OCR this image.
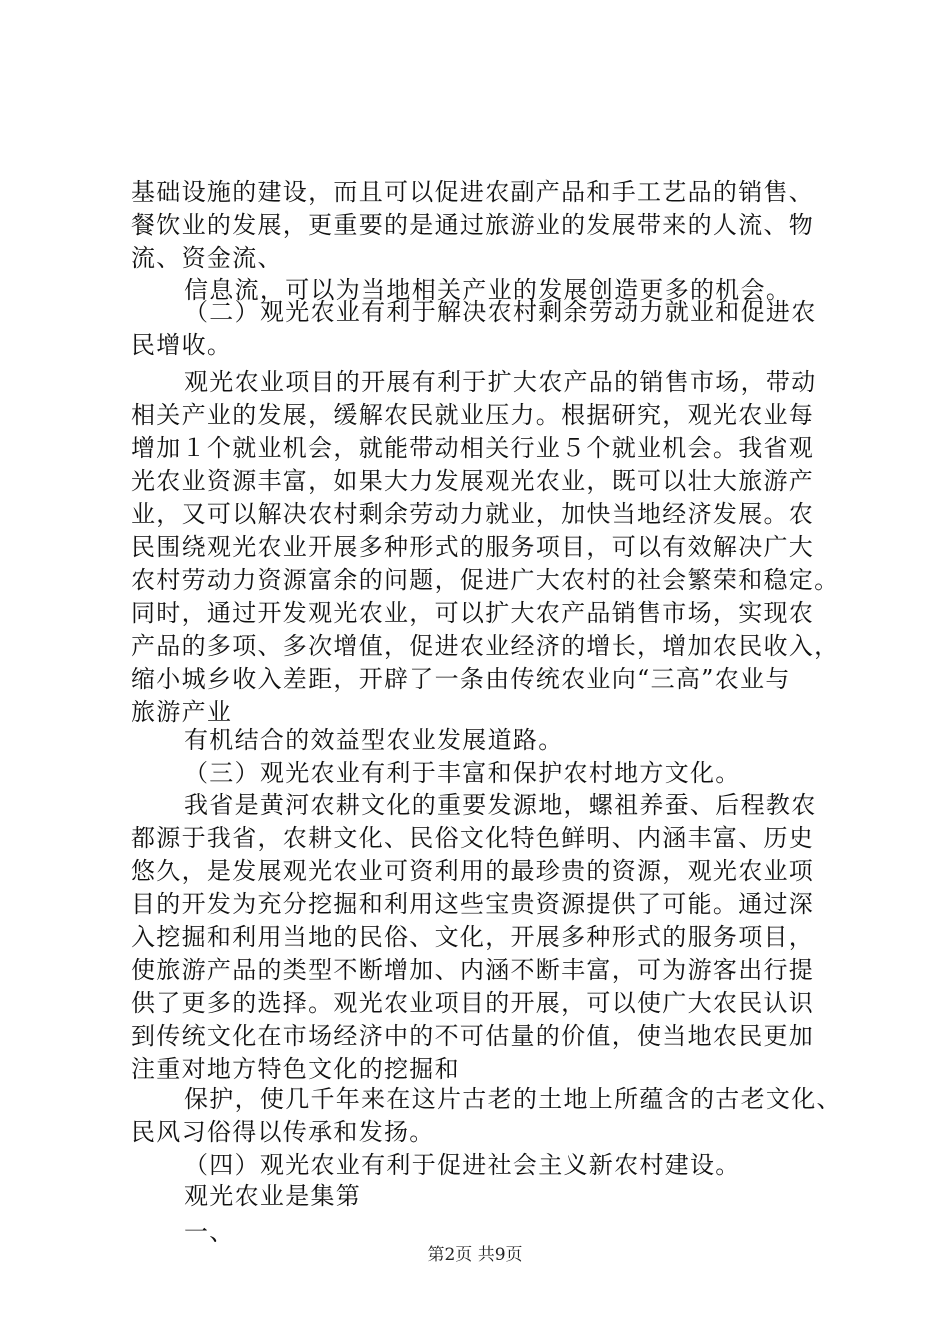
基础设施的建设，而且可以促进农副产品和手工艺品的销售、
餐饮业的发展，更重要的是通过旅游业的发展带来的人流、物
流、资金流、
信息流，可以为当地相关产业的发展创造更多的机会。
（二）观光农业有利于解决农村剩余劳动力就业和促进农
民增收。
观光农业项目的开展有利于扩大农产品的销售市场，带动
相关产业的发展，缓解农民就业压力。根据研究，观光农业每
增加１个就业机会，就能带动相关行业５个就业机会。我省观
光农业资源丰富，如果大力发展观光农业，既可以壮大旅游产
业，又可以解决农村剩余劳动力就业，加快当地经济发展。农
民围绕观光农业开展多种形式的服务项目，可以有效解决广大
农村劳动力资源富余的问题，促进广大农村的社会繁荣和稳定。
同时，通过开发观光农业，可以扩大农产品销售市场，实现农
产品的多项、多次增值，促进农业经济的增长，增加农民收入，
缩小城乡收入差距，开辟了一条由传统农业向“三高”农业与
旅游产业
有机结合的效益型农业发展道路。
（三）观光农业有利于丰富和保护农村地方文化。
我省是黄河农耕文化的重要发源地，螺祖养蚕、后程教农
都源于我省，农耕文化、民俗文化特色鲜明、内涵丰富、历史
悠久，是发展观光农业可资利用的最珍贵的资源，观光农业项
目的开发为充分挖掘和利用这些宝贵资源提供了可能。通过深
入挖掘和利用当地的民俗、文化，开展多种形式的服务项目，
使旅游产品的类型不断增加、内涵不断丰富，可为游客出行提
供了更多的选择。观光农业项目的开展，可以使广大农民认识
到传统文化在市场经济中的不可估量的价值，使当地农民更加
注重对地方特色文化的挖掘和
保护，使几千年来在这片古老的土地上所蕴含的古老文化、
民风习俗得以传承和发扬。
（四）观光农业有利于促进社会主义新农村建设。
观光农业是集第
一、
第2页 共9页
